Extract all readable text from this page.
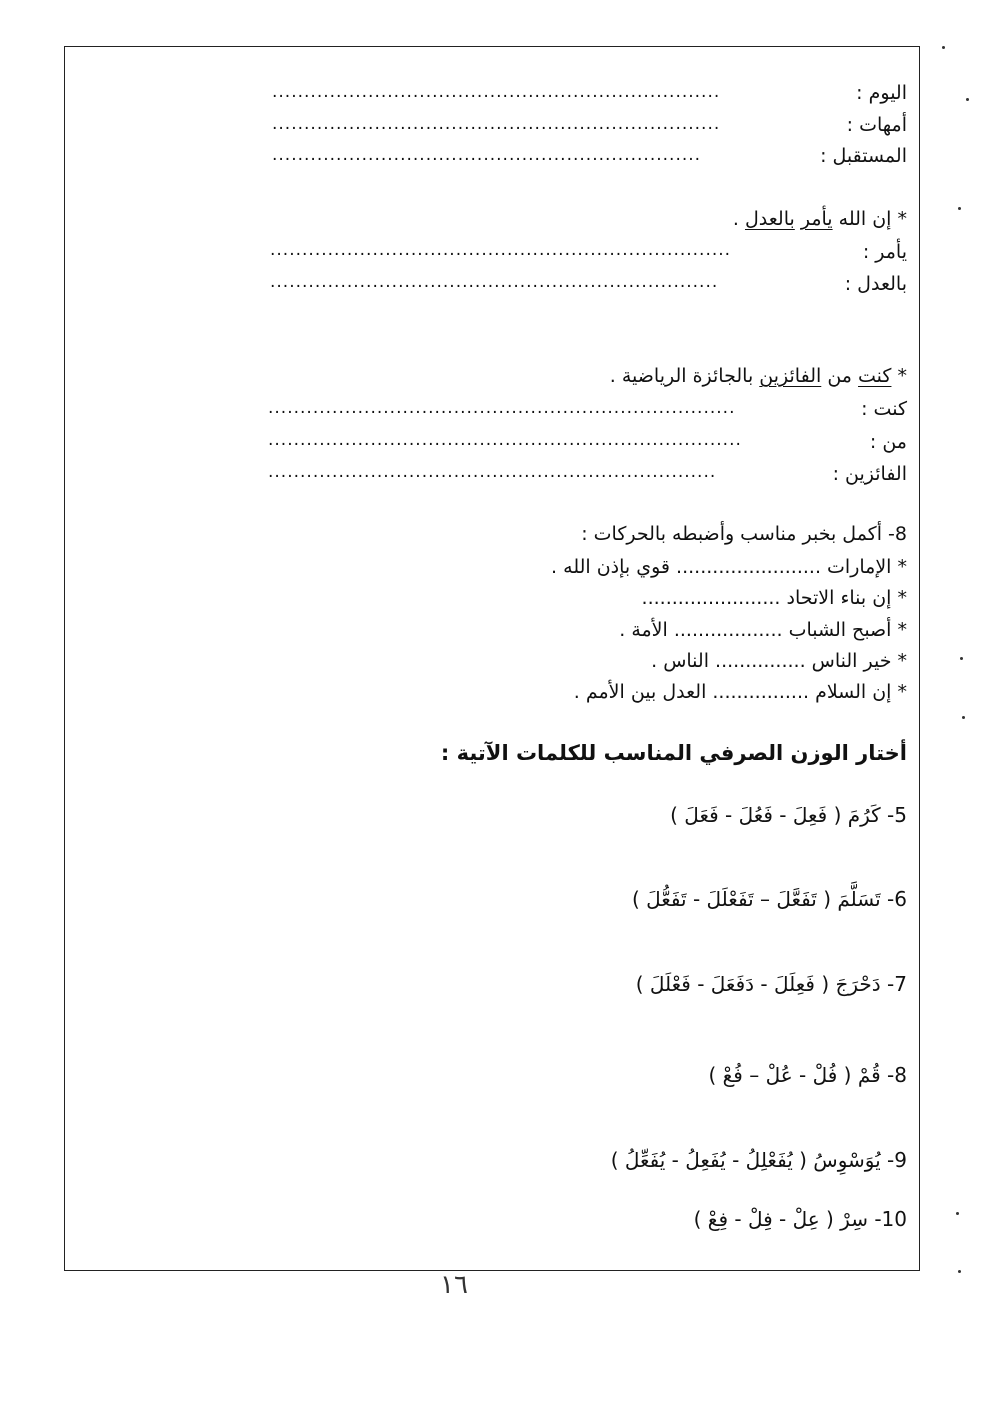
اليوم :
......................................................................
أمهات :
......................................................................
المستقبل :
...................................................................
* إن الله يأمر بالعدل .
يأمر :
........................................................................
بالعدل :
......................................................................
* كنت من الفائزين بالجائزة الرياضية .
كنت :
.........................................................................
من :
..........................................................................
الفائزين :
......................................................................
8- أكمل بخبر مناسب وأضبطه بالحركات :
* الإمارات ........................ قوي بإذن الله .
* إن بناء الاتحاد .......................
* أصبح الشباب .................. الأمة .
* خير الناس ............... الناس .
* إن السلام ................ العدل بين الأمم .
أختار الوزن الصرفي المناسب للكلمات الآتية :
5- كَرُمَ ( فَعِلَ - فَعُلَ - فَعَلَ )
6- تَسَلَّمَ ( تَفَعَّلَ – تَفَعْلَلَ - تَفَعُّلَ )
7- دَحْرَجَ ( فَعِلَلَ - دَفَعَلَ - فَعْلَلَ )
8- قُمْ ( فُلْ - عُلْ – فُعْ )
9- يُوَسْوِسُ ( يُفَعْلِلُ - يُفَعِلُ - يُفَعِّلُ )
10- سِرْ ( عِلْ - فِلْ - فِعْ )
١٦
